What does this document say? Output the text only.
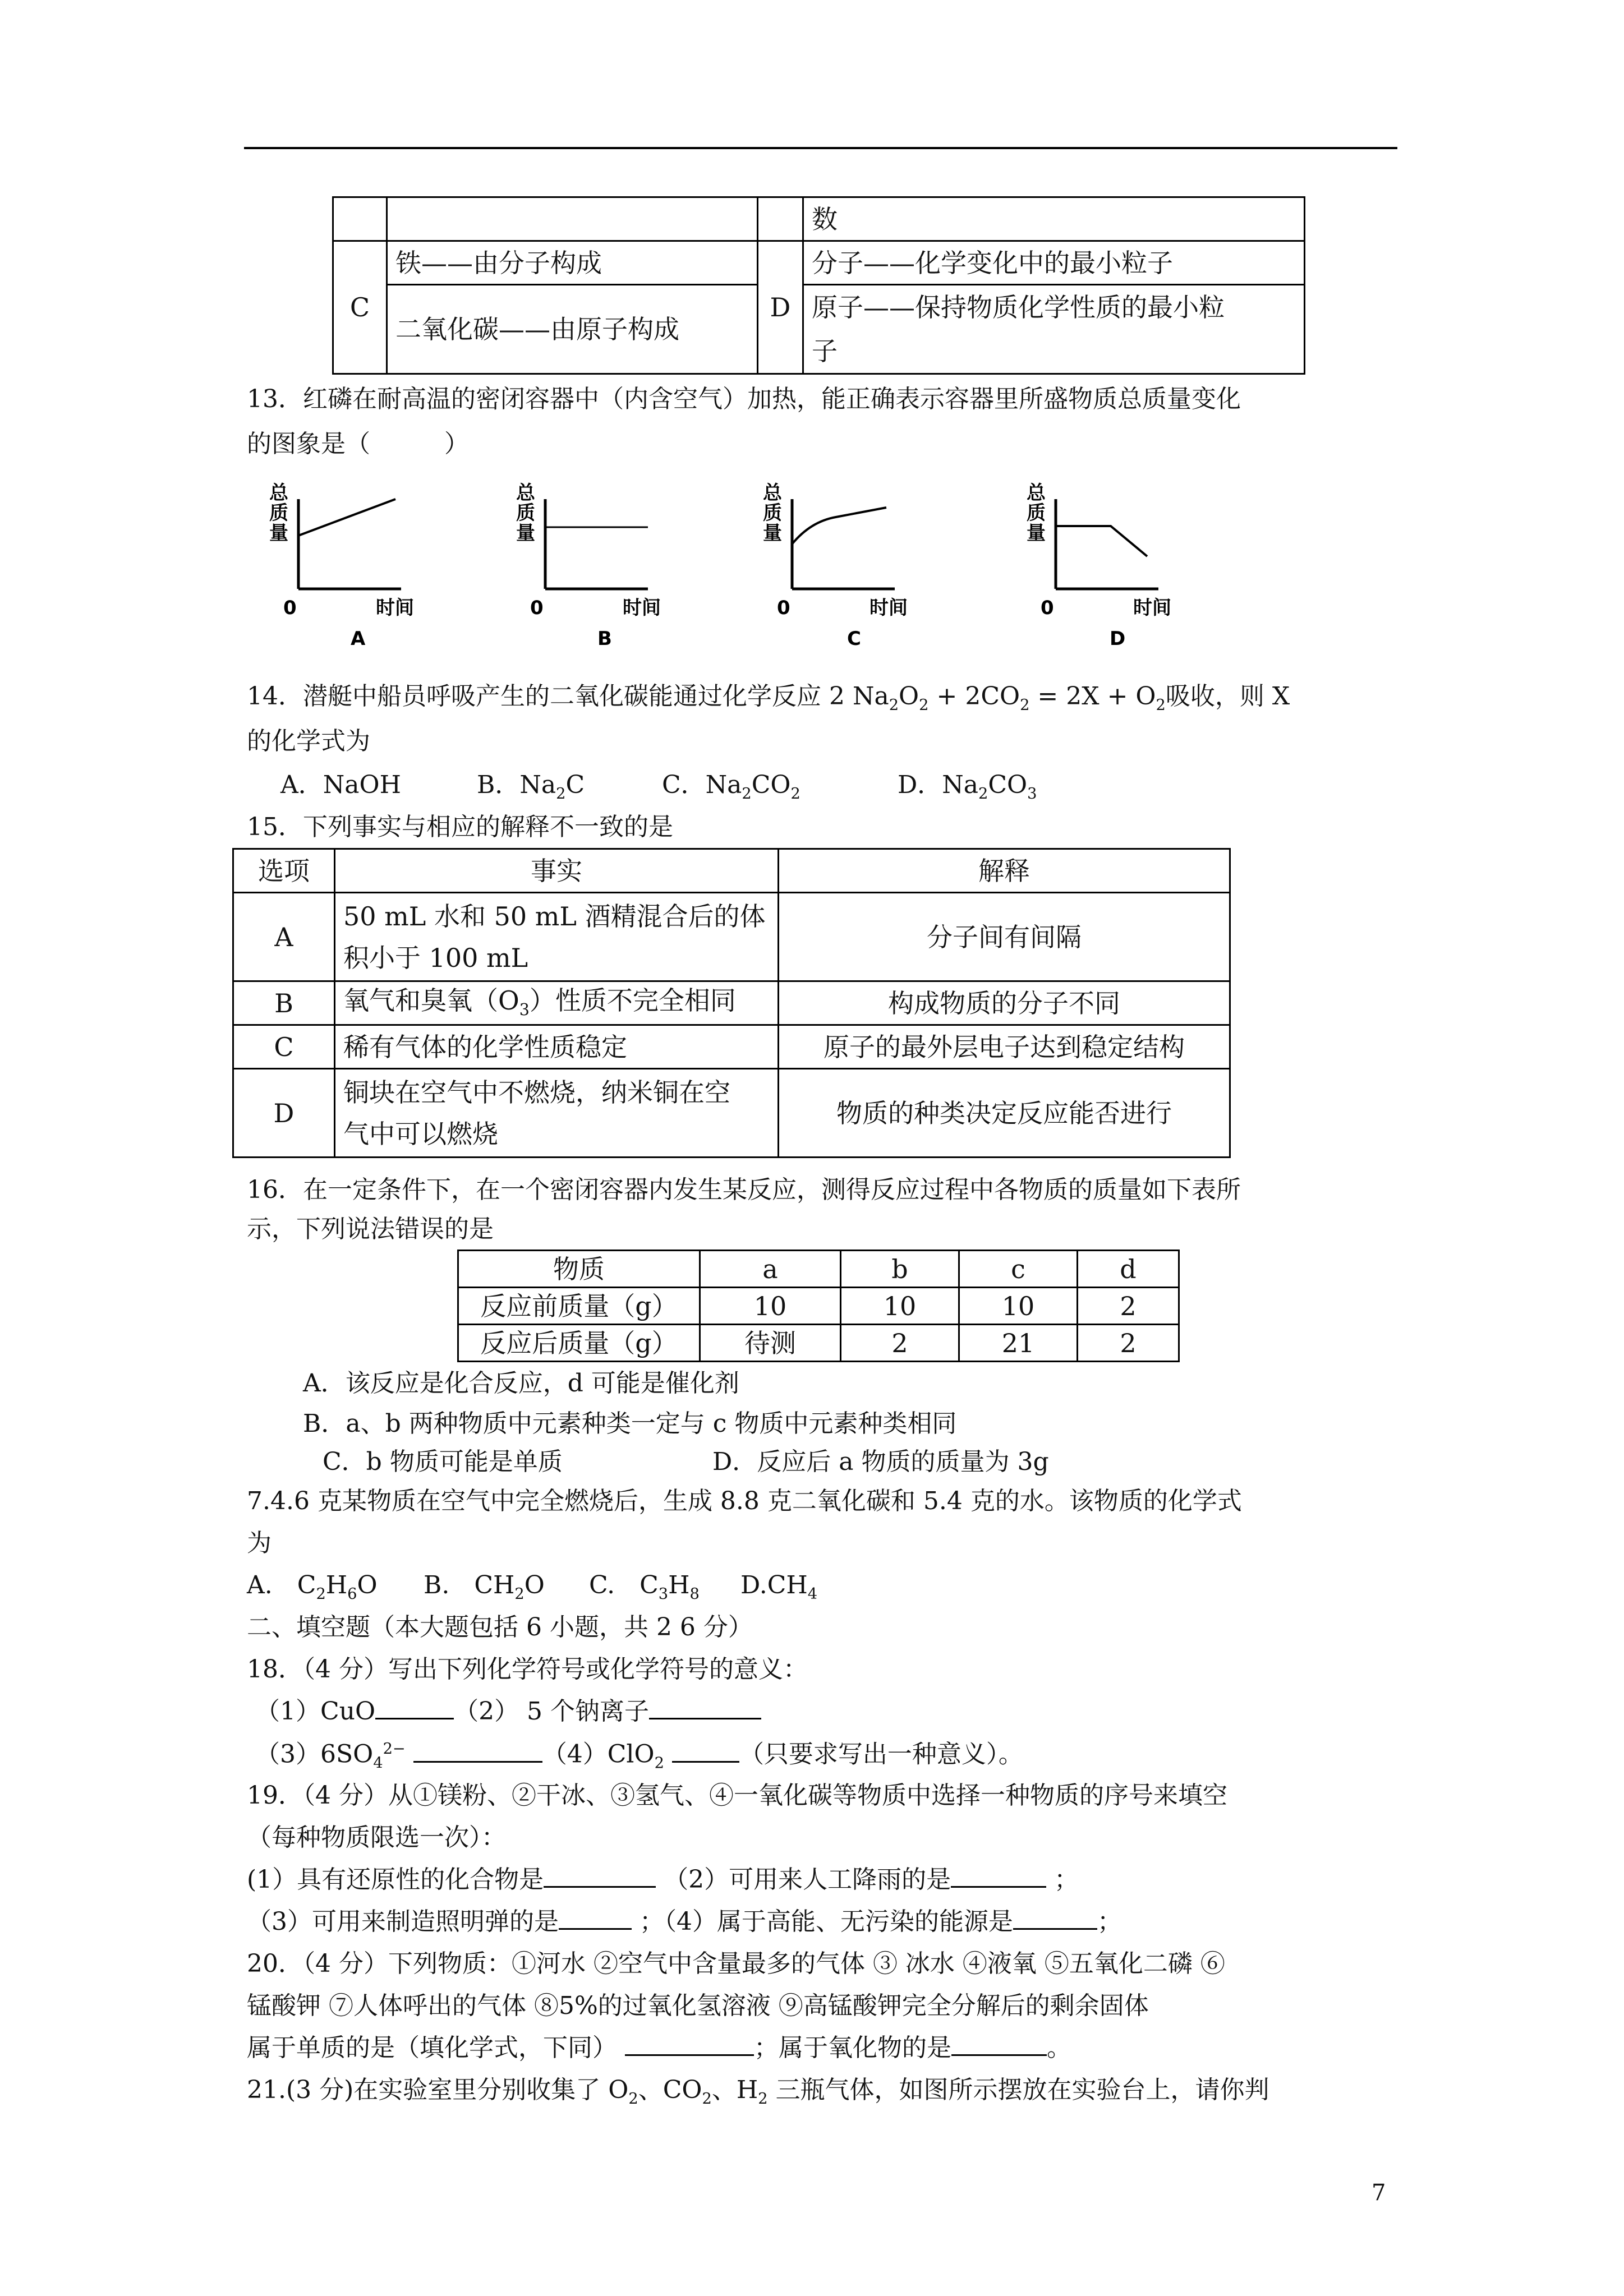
			数
C	铁——由分子构成	D	分子——化学变化中的最小粒子
	二氧化碳——由原子构成		原子——保持物质化学性质的最小粒
子
13．红磷在耐高温的密闭容器中（内含空气）加热，能正确表示容器里所盛物质总质量变化
的图象是（　　　）
总质量
0	时间
A
总质量
0	时间
B
总质量
0	时间
C
总质量
0	时间
D
14．潜艇中船员呼吸产生的二氧化碳能通过化学反应 2 $Na_2O_2 + 2CO_2 = 2X + O_2$吸收，则 X
的化学式为
A．NaOH	B．$Na_2C$	C．$Na_2CO_2$	D．$Na_2CO_3$
15．下列事实与相应的解释不一致的是
选项	事实	解释
A	50 mL 水和 50 mL 酒精混合后的体
积小于 100 mL	分子间有间隔
B	氧气和臭氧$(O_3)$性质不完全相同	构成物质的分子不同
C	稀有气体的化学性质稳定	原子的最外层电子达到稳定结构
D	铜块在空气中不燃烧，纳米铜在空
气中可以燃烧	物质的种类决定反应能否进行
16．在一定条件下，在一个密闭容器内发生某反应，测得反应过程中各物质的质量如下表所
示，下列说法错误的是
物质	a	b	c	d
反应前质量（g）	10	10	10	2
反应后质量（g）	待测	2	21	2
A．该反应是化合反应，d 可能是催化剂
B．a、b 两种物质中元素种类一定与 c 物质中元素种类相同
C．b 物质可能是单质	D．反应后 a 物质的质量为 3g
7.4.6 克某物质在空气中完全燃烧后，生成 8.8 克二氧化碳和 5.4 克的水。该物质的化学式
为
A.　$C_2H_6O$ B.　$CH_2O$ C.　$C_3H_8$ $D.CH_4$
二、填空题（本大题包括 6 小题，共 2 6 分）
18．（4 分）写出下列化学符号或化学符号的意义：
（1）CuO	（2） 5 个钠离子
$(3)6SO_4^{2-}$	（4）ClO$_2$	（只要求写出一种意义）。
19．（4 分）从①镁粉、②干冰、③氢气、④一氧化碳等物质中选择一种物质的序号来填空
（每种物质限选一次）：
(1）具有还原性的化合物是	（2）可用来人工降雨的是	；
（3）可用来制造照明弹的是	；（4）属于高能、无污染的能源是	；
20．（4 分）下列物质：①河水 ②空气中含量最多的气体 ③ 冰水 ④液氧 ⑤五氧化二磷 ⑥
锰酸钾 ⑦人体呼出的气体 ⑧5%的过氧化氢溶液 ⑨高锰酸钾完全分解后的剩余固体
属于单质的是（填化学式，下同）	；属于氧化物的是	。
21.(3 分)在实验室里分别收集了 $O_2$、$CO_2$、$H_2$ 三瓶气体，如图所示摆放在实验台上，请你判
7
